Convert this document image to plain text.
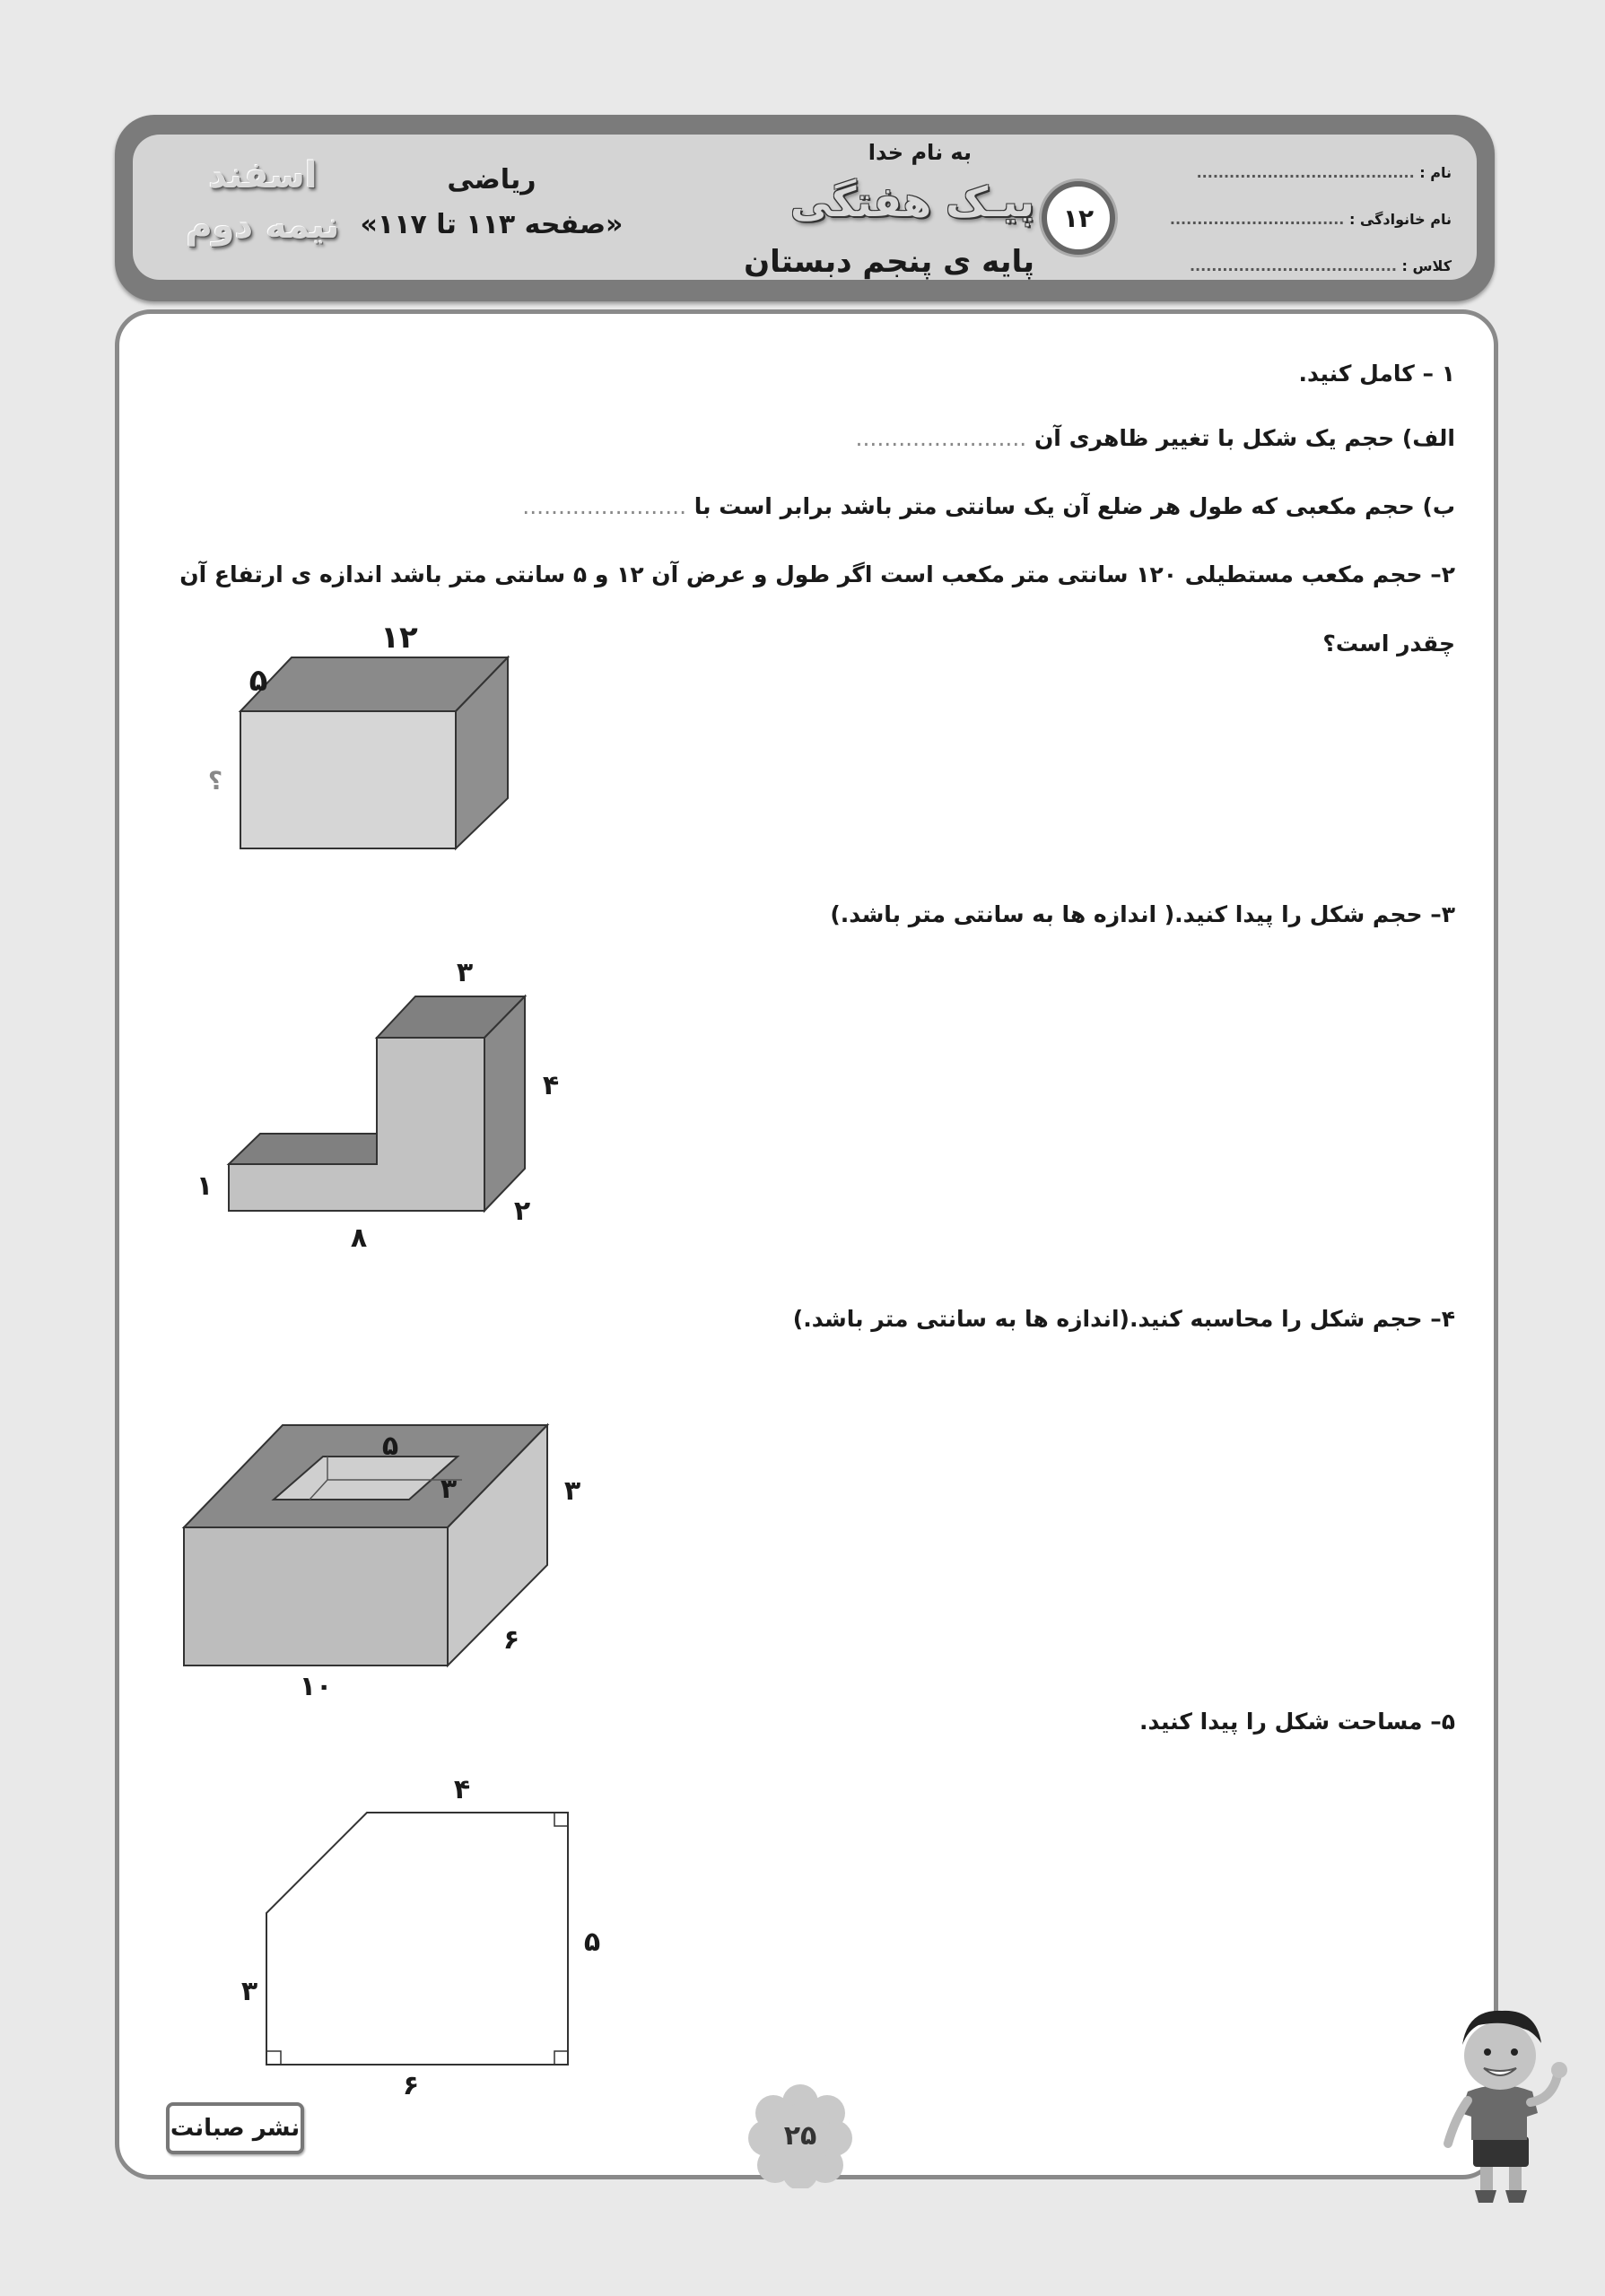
اسفند
نیمه دوم
ریاضی
«صفحه ۱۱۳ تا ۱۱۷»
به نام خدا
۱۲
پیـک هفتگی
پایه ی پنجم دبستان
نام : ........................................
نام خانوادگی : ................................
کلاس : ......................................
۱ – کامل کنید.
الف) حجم یک شکل با تغییر ظاهری آن ........................
ب) حجم مکعبی که طول هر ضلع آن یک سانتی متر باشد برابر است با .......................
۲– حجم مکعب مستطیلی ۱۲۰ سانتی متر مکعب است اگر طول و عرض آن ۱۲ و ۵ سانتی متر باشد اندازه ی ارتفاع آن
چقدر است؟
۱۲
۵
؟
۳– حجم شکل را پیدا کنید.( اندازه ها به سانتی متر باشد.)
۳
۴
۲
۸
۱
۴– حجم شکل را محاسبه کنید.(اندازه ها به سانتی متر باشد.)
۵
۳	۳
۶
۱۰
۵– مساحت شکل را پیدا کنید.
۴
۵
۳
۶
نشر صبانت	۲۵
